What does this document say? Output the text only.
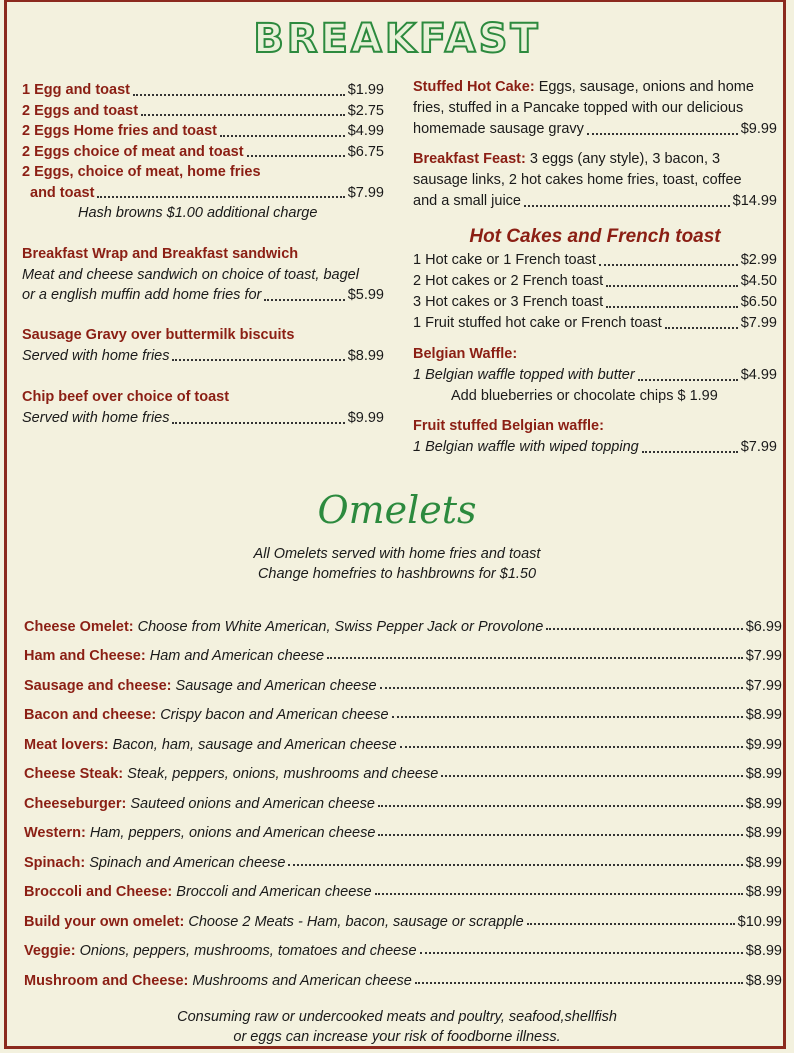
BREAKFAST
1 Egg and toast	$1.99
2 Eggs and toast	$2.75
2 Eggs Home fries and toast	$4.99
2 Eggs choice of meat and toast	$6.75
2 Eggs, choice of meat, home fries
and toast	$7.99
Hash browns $1.00 additional charge
Breakfast Wrap and Breakfast sandwich
Meat and cheese sandwich on choice of toast, bagel
or a english muffin add home fries for	$5.99
Sausage Gravy over buttermilk biscuits
Served with home fries	$8.99
Chip beef over choice of toast
Served with home fries	$9.99
Stuffed Hot Cake: Eggs, sausage, onions and home
fries, stuffed in a Pancake topped with our delicious
homemade sausage gravy	$9.99
Breakfast Feast: 3 eggs (any style), 3 bacon, 3
sausage links, 2 hot cakes home fries, toast, coffee
and a small juice	$14.99
Hot Cakes and French toast
1 Hot cake or 1 French toast	$2.99
2 Hot cakes or 2 French toast	$4.50
3 Hot cakes or 3 French toast	$6.50
1 Fruit stuffed hot cake or French toast	$7.99
Belgian Waffle:
1 Belgian waffle topped with butter	$4.99
Add blueberries or chocolate chips $ 1.99
Fruit stuffed Belgian waffle:
1 Belgian waffle with wiped topping	$7.99
Omelets
All Omelets served with home fries and toast
Change homefries to hashbrowns for $1.50
Cheese Omelet:
Choose from White American, Swiss Pepper Jack or Provolone	$6.99
Ham and Cheese:
Ham and American cheese	$7.99
Sausage and cheese:
Sausage and American cheese	$7.99
Bacon and cheese:
Crispy bacon and American cheese	$8.99
Meat lovers:
Bacon, ham, sausage and American cheese	$9.99
Cheese Steak:
Steak, peppers, onions, mushrooms and cheese	$8.99
Cheeseburger:
Sauteed onions and American cheese	$8.99
Western:
Ham, peppers, onions and American cheese	$8.99
Spinach:
Spinach and American cheese	$8.99
Broccoli and Cheese:
Broccoli and American cheese	$8.99
Build your own omelet:
Choose 2 Meats - Ham, bacon, sausage or scrapple	$10.99
Veggie:
Onions, peppers, mushrooms, tomatoes and cheese	$8.99
Mushroom and Cheese:
Mushrooms and American cheese	$8.99
Consuming raw or undercooked meats and poultry, seafood,shellfish
or eggs can increase your risk of foodborne illness.
